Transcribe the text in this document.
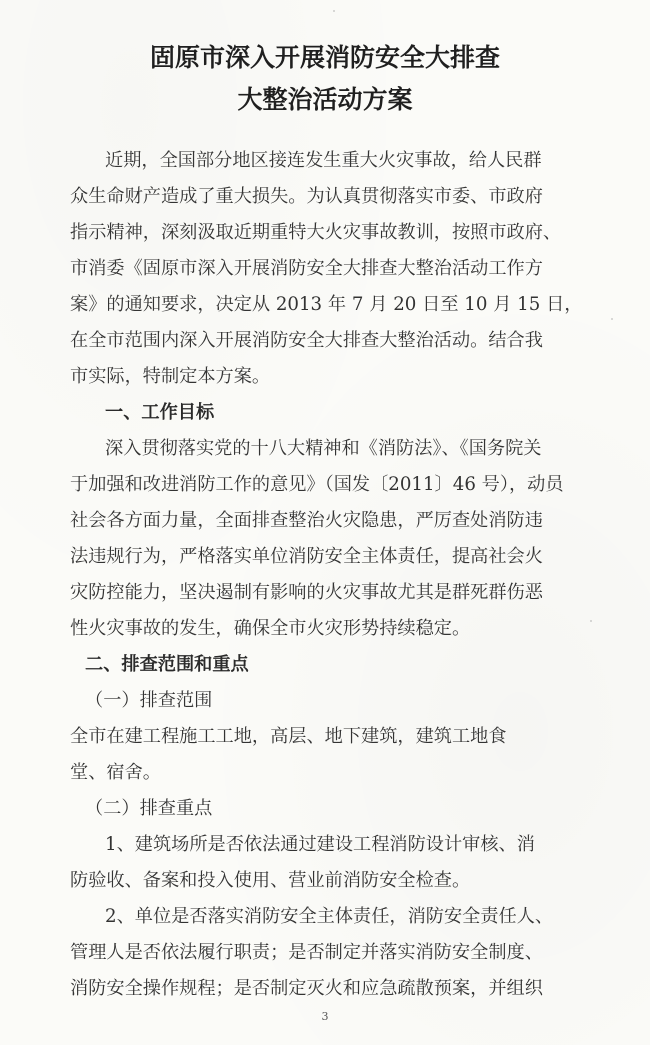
固原市深入开展消防安全大排查
大整治活动方案
近期，全国部分地区接连发生重大火灾事故，给人民群
众生命财产造成了重大损失。为认真贯彻落实市委、市政府
指示精神，深刻汲取近期重特大火灾事故教训，按照市政府、
市消委《固原市深入开展消防安全大排查大整治活动工作方
案》的通知要求，决定从 2013 年 7 月 20 日至 10 月 15 日，
在全市范围内深入开展消防安全大排查大整治活动。结合我
市实际，特制定本方案。
一、工作目标
深入贯彻落实党的十八大精神和《消防法》、《国务院关
于加强和改进消防工作的意见》（国发〔2011〕46 号），动员
社会各方面力量，全面排查整治火灾隐患，严厉查处消防违
法违规行为，严格落实单位消防安全主体责任，提高社会火
灾防控能力，坚决遏制有影响的火灾事故尤其是群死群伤恶
性火灾事故的发生，确保全市火灾形势持续稳定。
二、排查范围和重点
（一）排查范围
全市在建工程施工工地，高层、地下建筑，建筑工地食
堂、宿舍。
（二）排查重点
1、建筑场所是否依法通过建设工程消防设计审核、消
防验收、备案和投入使用、营业前消防安全检查。
2、单位是否落实消防安全主体责任，消防安全责任人、
管理人是否依法履行职责；是否制定并落实消防安全制度、
消防安全操作规程；是否制定灭火和应急疏散预案，并组织
3
